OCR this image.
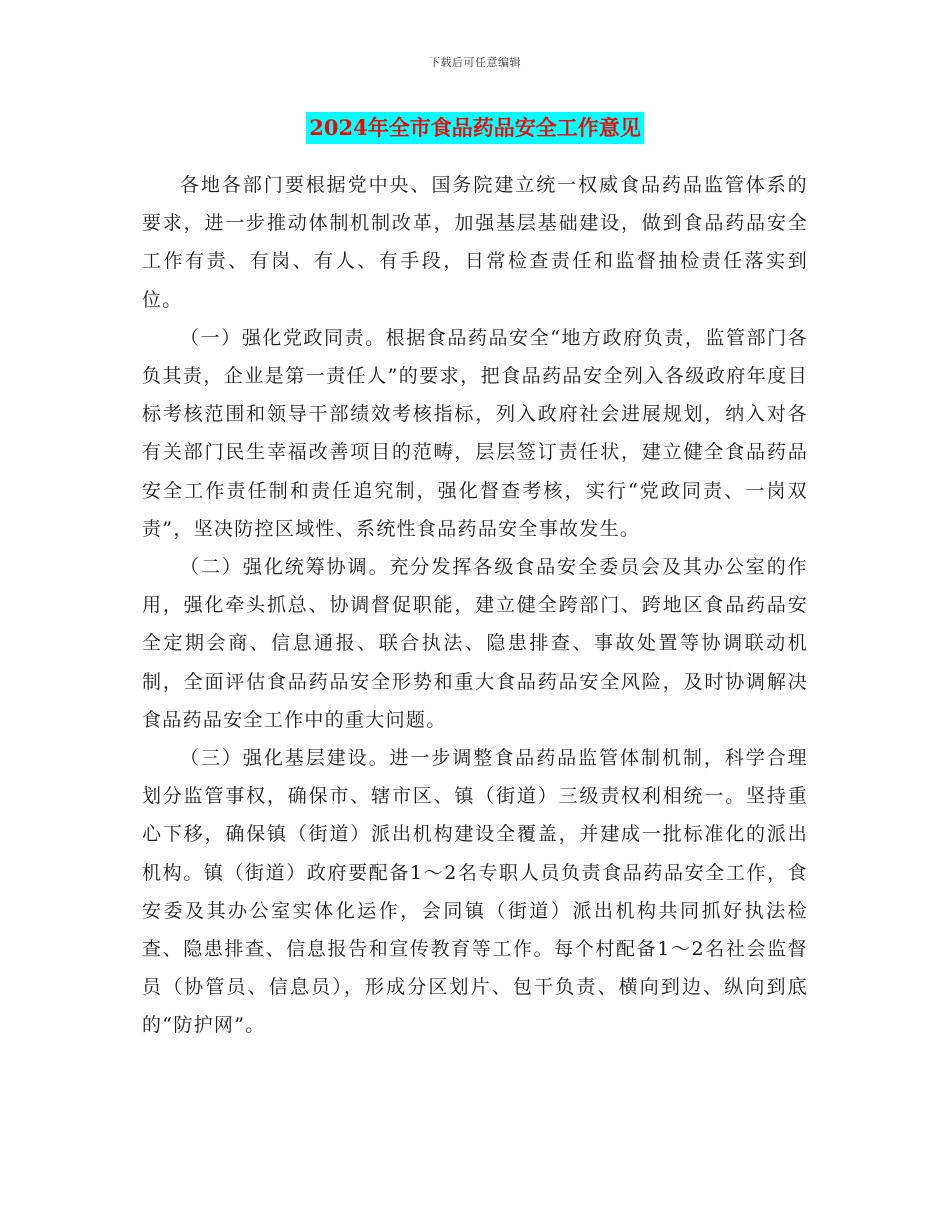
下载后可任意编辑
2024年全市食品药品安全工作意见

各地各部门要根据党中央、国务院建立统一权威食品药品监管体系的要求，进一步推动体制机制改革，加强基层基础建设，做到食品药品安全工作有责、有岗、有人、有手段，日常检查责任和监督抽检责任落实到位。

（一）强化党政同责。根据食品药品安全“地方政府负责，监管部门各负其责，企业是第一责任人”的要求，把食品药品安全列入各级政府年度目标考核范围和领导干部绩效考核指标，列入政府社会进展规划，纳入对各有关部门民生幸福改善项目的范畴，层层签订责任状，建立健全食品药品安全工作责任制和责任追究制，强化督查考核，实行“党政同责、一岗双责”，坚决防控区域性、系统性食品药品安全事故发生。

（二）强化统筹协调。充分发挥各级食品安全委员会及其办公室的作用，强化牵头抓总、协调督促职能，建立健全跨部门、跨地区食品药品安全定期会商、信息通报、联合执法、隐患排查、事故处置等协调联动机制，全面评估食品药品安全形势和重大食品药品安全风险，及时协调解决食品药品安全工作中的重大问题。

（三）强化基层建设。进一步调整食品药品监管体制机制，科学合理划分监管事权，确保市、辖市区、镇（街道）三级责权利相统一。坚持重心下移，确保镇（街道）派出机构建设全覆盖，并建成一批标准化的派出机构。镇（街道）政府要配备1～2名专职人员负责食品药品安全工作，食安委及其办公室实体化运作，会同镇（街道）派出机构共同抓好执法检查、隐患排查、信息报告和宣传教育等工作。每个村配备1～2名社会监督员（协管员、信息员），形成分区划片、包干负责、横向到边、纵向到底的“防护网”。
